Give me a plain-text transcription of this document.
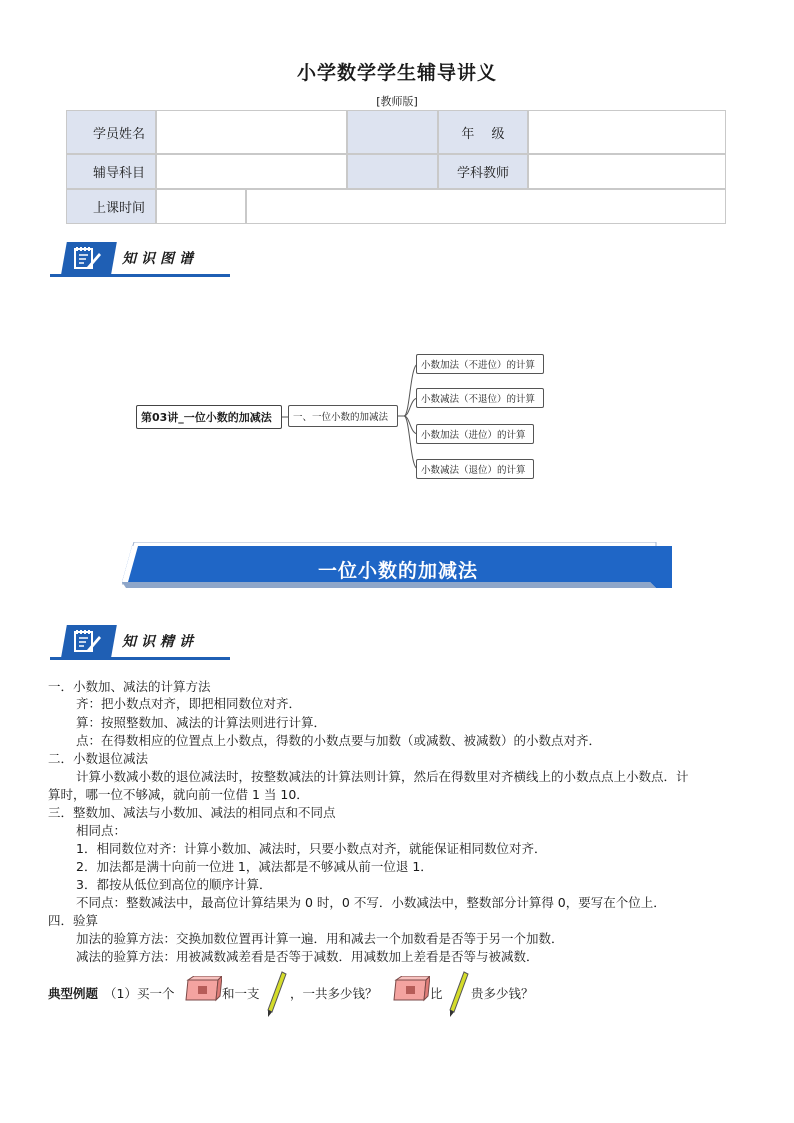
小学数学学生辅导讲义
[教师版]
学员姓名	年　 级
辅导科目	学科教师
上课时间
知识图谱
第03讲_一位小数的加减法	一、一位小数的加减法
小数加法（不进位）的计算
小数减法（不退位）的计算
小数加法（进位）的计算
小数减法（退位）的计算
一位小数的加减法
知识精讲
一．小数加、减法的计算方法
齐：把小数点对齐，即把相同数位对齐．
算：按照整数加、减法的计算法则进行计算．
点：在得数相应的位置点上小数点，得数的小数点要与加数（或减数、被减数）的小数点对齐．
二．小数退位减法
计算小数减小数的退位减法时，按整数减法的计算法则计算，然后在得数里对齐横线上的小数点点上小数点．计
算时，哪一位不够减，就向前一位借 1 当 10．
三．整数加、减法与小数加、减法的相同点和不同点
相同点：
1．相同数位对齐：计算小数加、减法时，只要小数点对齐，就能保证相同数位对齐．
2．加法都是满十向前一位进 1，减法都是不够减从前一位退 1．
3．都按从低位到高位的顺序计算．
不同点：整数减法中，最高位计算结果为 0 时，0 不写．小数减法中，整数部分计算得 0，要写在个位上．
四．验算
加法的验算方法：交换加数位置再计算一遍．用和减去一个加数看是否等于另一个加数．
减法的验算方法：用被减数减差看是否等于减数．用减数加上差看是否等与被减数．
典型例题 （1）买一个	和一支 ，一共多少钱？	比 贵多少钱？
